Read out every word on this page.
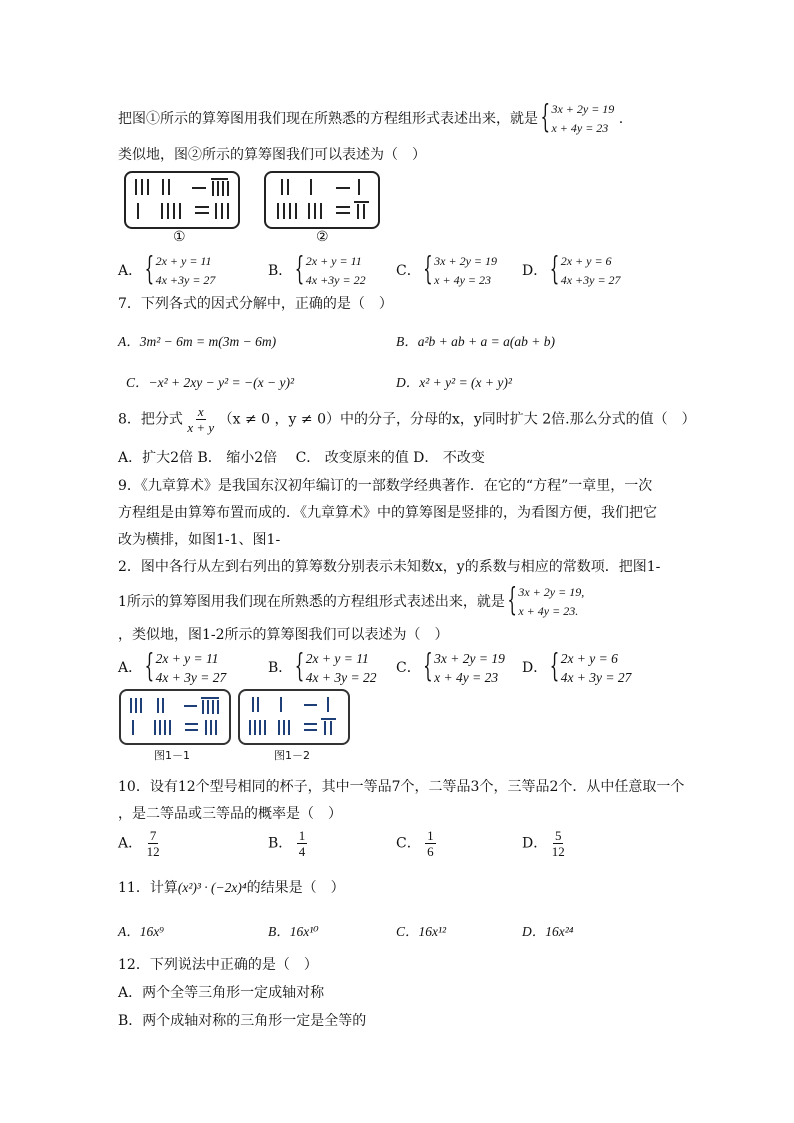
把图①所示的算筹图用我们现在所熟悉的方程组形式表述出来，就是
{ 3x + 2y = 19
x + 4y = 23
.
类似地，图②所示的算筹图我们可以表述为（　）
①	②
A．
{ 2x + y = 11
4x +3y = 27
B．
{ 2x + y = 11
4x +3y = 22
C．
{ 3x + 2y = 19
x + 4y = 23
D．
{ 2x + y = 6
4x +3y = 27
7．下列各式的因式分解中，正确的是（　）
A．3m² − 6m = m(3m − 6m)	B．a²b + ab + a = a(ab + b)
C．−x² + 2xy − y² = −(x − y)²	D．x² + y² = (x + y)²
8．把分式 $\frac{x}{x + y} (x \ne 0$ ，y ≠ 0）中的分子，分母的x，y同时扩大 2倍.那么分式的值（　）
A．扩大2倍 B． 缩小2倍　 C． 改变原来的值 D． 不改变
9．《九章算术》是我国东汉初年编订的一部数学经典著作．在它的“方程”一章里，一次
方程组是由算筹布置而成的．《九章算术》中的算筹图是竖排的，为看图方便，我们把它
改为横排，如图1-1、图1-
2．图中各行从左到右列出的算筹数分别表示未知数x，y的系数与相应的常数项．把图1-
1所示的算筹图用我们现在所熟悉的方程组形式表述出来，就是
{ 3x + 2y = 19,
x + 4y = 23.
，类似地，图1-2所示的算筹图我们可以表述为（　）
A．
{ 2x + y = 11
4x + 3y = 27
B．
{ 2x + y = 11
4x + 3y = 22
C．
{ 3x + 2y = 19
x + 4y = 23
D．
{ 2x + y = 6
4x + 3y = 27
图1－1	图1－2
10．设有12个型号相同的杯子，其中一等品7个，二等品3个，三等品2个．从中任意取一个
，是二等品或三等品的概率是（　）
A． $\frac{7}{12}$	B． $\frac{1}{4}$	C． $\frac{1}{6}$	D． $\frac{5}{12}$
11．计算(x²)³ · (−2x)⁴的结果是（　）
A．16x⁹	B．16x¹⁰	C．16x¹²	D．16x²⁴
12．下列说法中正确的是（　）
A．两个全等三角形一定成轴对称
B．两个成轴对称的三角形一定是全等的
